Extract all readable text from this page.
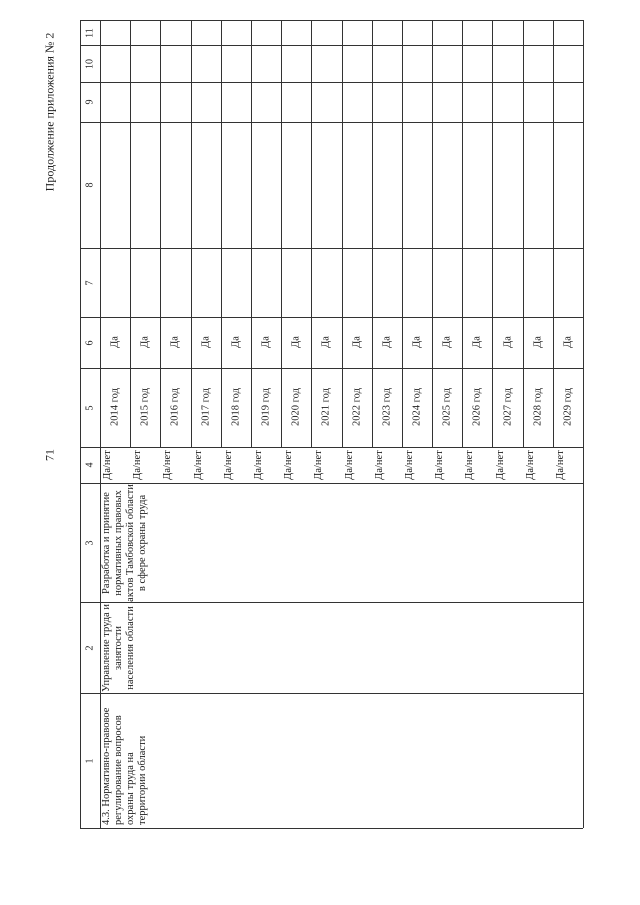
71
Продолжение приложения № 2
1
2
3
4
5
6
7
8
9
10
11
4.3. Нормативно-правовое регулирование вопросов охраны труда на территории области
Управление труда и занятости населения области
Разработка и принятие нормативных правовых актов Тамбовской области в сфере охраны труда
Да/нет
2014 год
Да
Да/нет
2015 год
Да
Да/нет
2016 год
Да
Да/нет
2017 год
Да
Да/нет
2018 год
Да
Да/нет
2019 год
Да
Да/нет
2020 год
Да
Да/нет
2021 год
Да
Да/нет
2022 год
Да
Да/нет
2023 год
Да
Да/нет
2024 год
Да
Да/нет
2025 год
Да
Да/нет
2026 год
Да
Да/нет
2027 год
Да
Да/нет
2028 год
Да
Да/нет
2029 год
Да
